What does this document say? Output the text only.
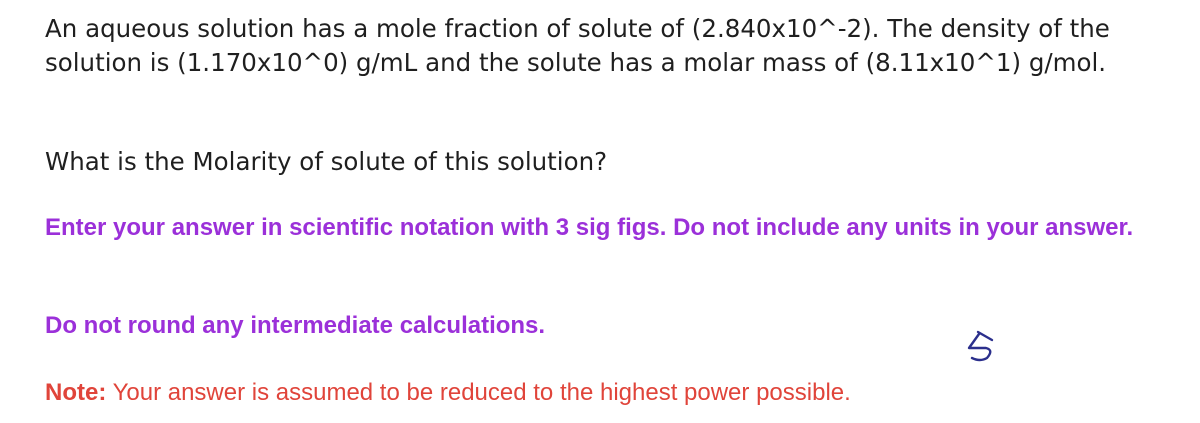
An aqueous solution has a mole fraction of solute of (2.840x10^-2). The density of the solution is (1.170x10^0) g/mL and the solute has a molar mass of (8.11x10^1) g/mol.

What is the Molarity of solute of this solution?

Enter your answer in scientific notation with 3 sig figs. Do not include any units in your answer.

Do not round any intermediate calculations.

Note: Your answer is assumed to be reduced to the highest power possible.
